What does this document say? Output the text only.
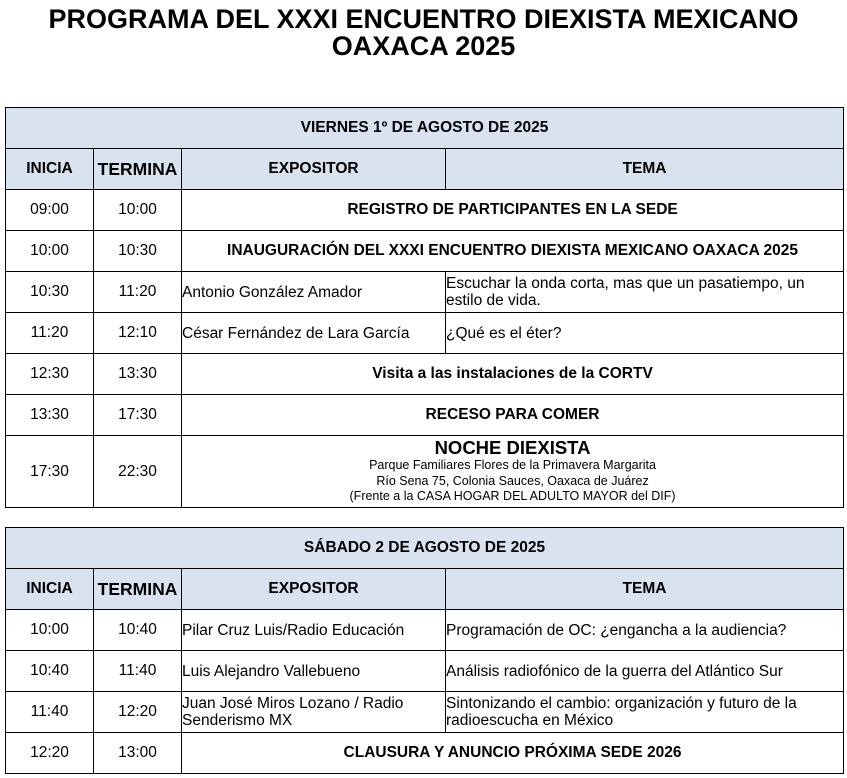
PROGRAMA DEL XXXI ENCUENTRO DIEXISTA MEXICANO
OAXACA 2025
VIERNES 1º DE AGOSTO DE 2025			
INICIA	TERMINA	EXPOSITOR	TEMA
09:00	10:00	REGISTRO DE PARTICIPANTES EN LA SEDE	
10:00	10:30	INAUGURACIÓN DEL XXXI ENCUENTRO DIEXISTA MEXICANO OAXACA 2025	
10:30	11:20	Antonio González Amador	Escuchar la onda corta, mas que un pasatiempo, un estilo de vida.
11:20	12:10	César Fernández de Lara García	¿Qué es el éter?
12:30	13:30	Visita a las instalaciones de la CORTV	
13:30	17:30	RECESO PARA COMER	
17:30	22:30	NOCHE DIEXISTA
Parque Familiares Flores de la Primavera Margarita
Río Sena 75, Colonia Sauces, Oaxaca de Juárez
(Frente a la CASA HOGAR DEL ADULTO MAYOR del DIF)	
SÁBADO 2 DE AGOSTO DE 2025			
INICIA	TERMINA	EXPOSITOR	TEMA
10:00	10:40	Pilar Cruz Luis/Radio Educación	Programación de OC: ¿engancha a la audiencia?
10:40	11:40	Luis Alejandro Vallebueno	Análisis radiofónico de la guerra del Atlántico Sur
11:40	12:20	Juan José Miros Lozano / Radio Senderismo MX	Sintonizando el cambio: organización y futuro de la radioescucha en México
12:20	13:00	CLAUSURA Y ANUNCIO PRÓXIMA SEDE 2026	
